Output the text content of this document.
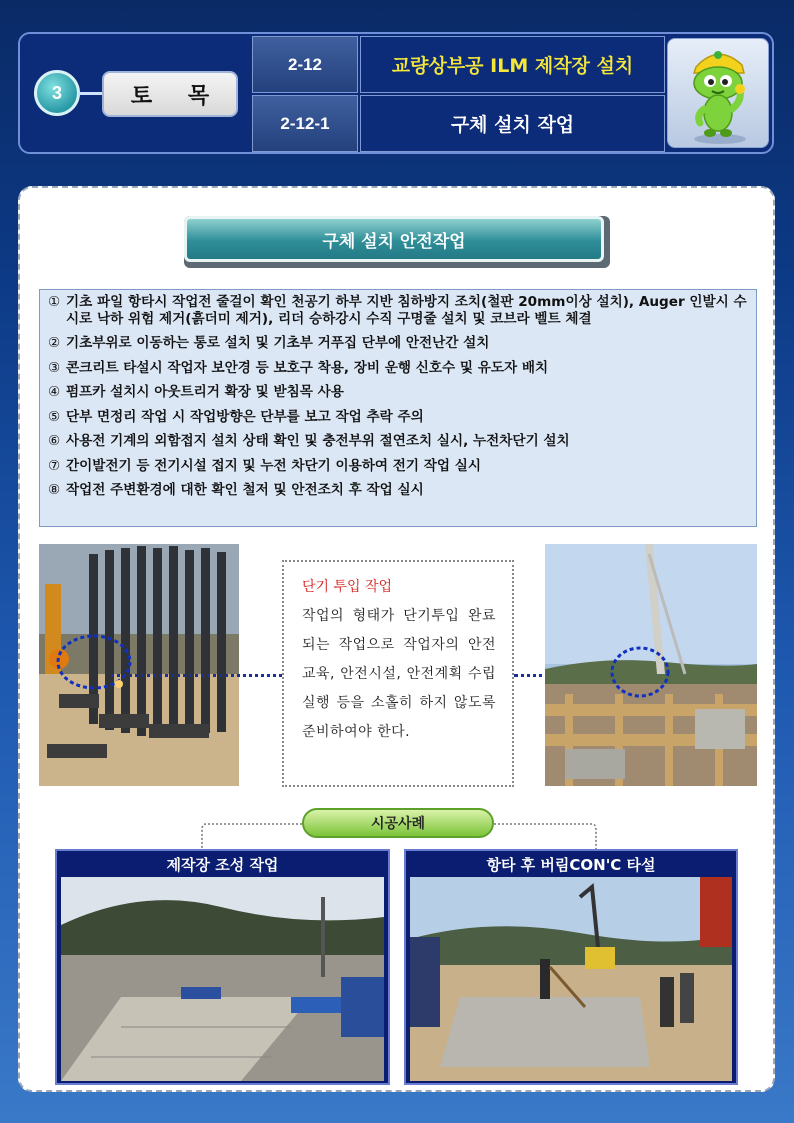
3	토 목
2-12
2-12-1
교량상부공 ILM 제작장 설치
구체 설치 작업
구체 설치 안전작업
① 기초 파일 항타시 작업전 줄걸이 확인 천공기 하부 지반 침하방지 조치(철판 20mm이상 설치), Auger 인발시 수시로 낙하 위험 제거(흙더미 제거), 리더 승하강시 수직 구명줄 설치 및 코브라 벨트 체결
② 기초부위로 이동하는 통로 설치 및 기초부 거푸집 단부에 안전난간 설치
③ 콘크리트 타설시 작업자 보안경 등 보호구 착용, 장비 운행 신호수 및 유도자 배치
④ 펌프카 설치시 아웃트리거 확장 및 받침목 사용
⑤ 단부 면정리 작업 시 작업방향은 단부를 보고 작업 추락 주의
⑥ 사용전 기계의 외함접지 설치 상태 확인 및 충전부위 절연조치 실시, 누전차단기 설치
⑦ 간이발전기 등 전기시설 접지 및 누전 차단기 이용하여 전기 작업 실시
⑧ 작업전 주변환경에 대한 확인 철저 및 안전조치 후 작업 실시
단기 투입 작업
작업의 형태가 단기투입 완료되는 작업으로 작업자의 안전교육, 안전시설, 안전계획 수립 실행 등을 소홀히 하지 않도록 준비하여야 한다.
시공사례
제작장 조성 작업	항타 후 버림CON'C 타설
